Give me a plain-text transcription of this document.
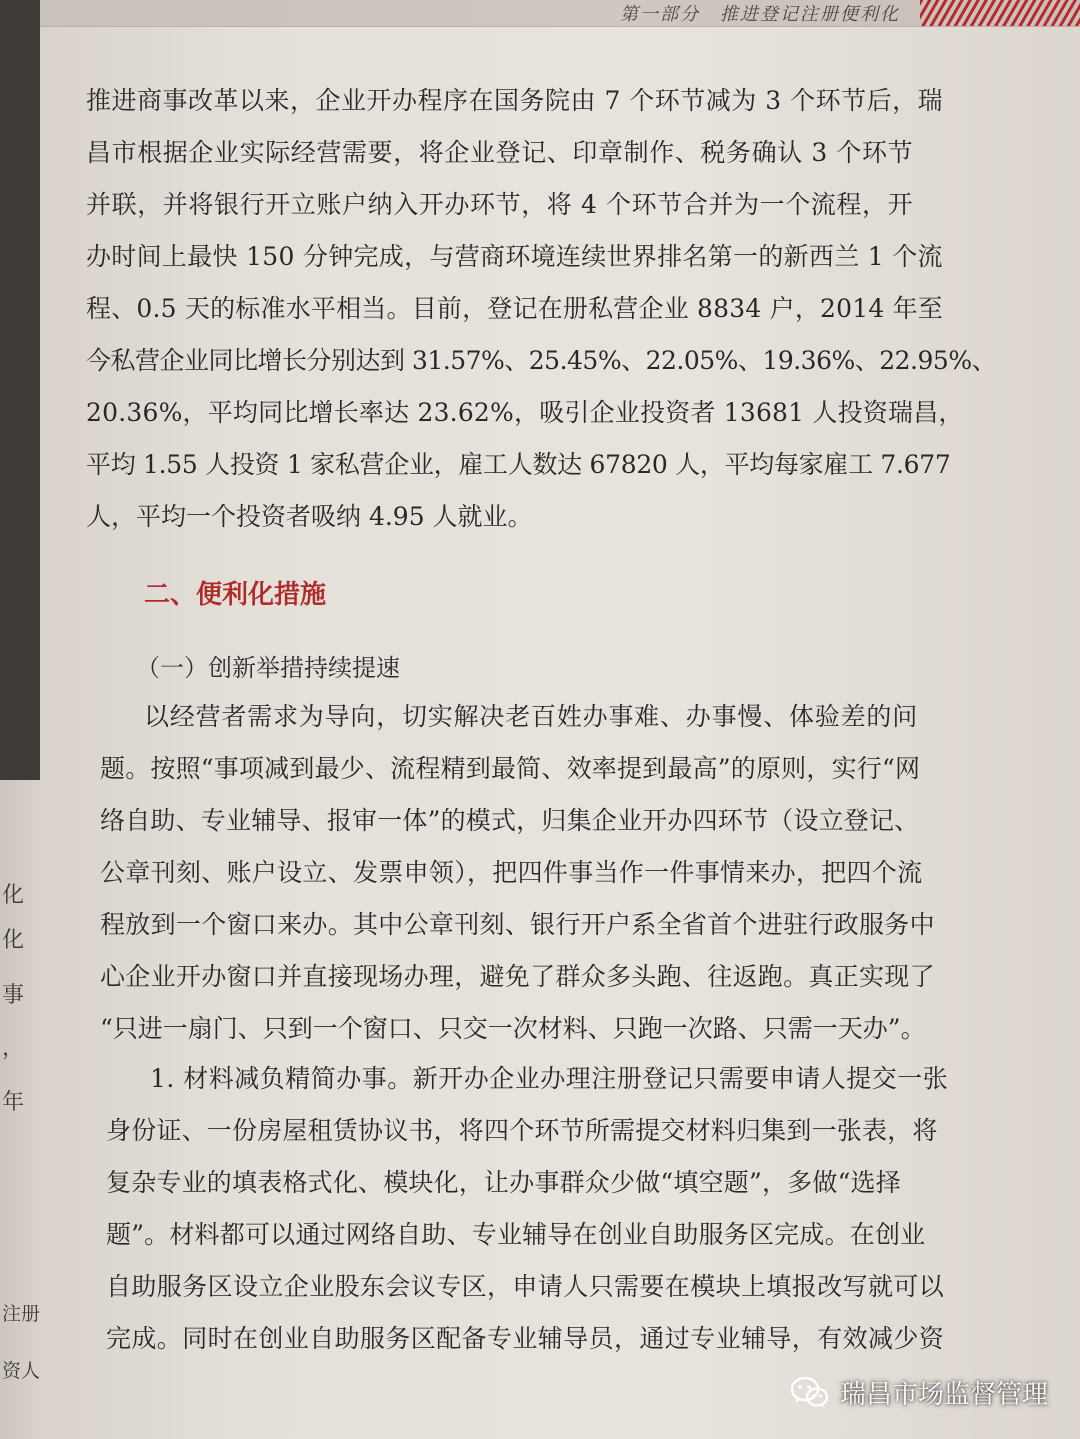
第一部分　推进登记注册便利化
推进商事改革以来，企业开办程序在国务院由 7 个环节减为 3 个环节后，瑞
昌市根据企业实际经营需要，将企业登记、印章制作、税务确认 3 个环节
并联，并将银行开立账户纳入开办环节，将 4 个环节合并为一个流程，开
办时间上最快 150 分钟完成，与营商环境连续世界排名第一的新西兰 1 个流
程、0.5 天的标准水平相当。目前，登记在册私营企业 8834 户，2014 年至
今私营企业同比增长分别达到 31.57%、25.45%、22.05%、19.36%、22.95%、
20.36%，平均同比增长率达 23.62%，吸引企业投资者 13681 人投资瑞昌，
平均 1.55 人投资 1 家私营企业，雇工人数达 67820 人，平均每家雇工 7.677
人，平均一个投资者吸纳 4.95 人就业。
二、便利化措施
（一）创新举措持续提速
以经营者需求为导向，切实解决老百姓办事难、办事慢、体验差的问
题。按照“事项减到最少、流程精到最简、效率提到最高”的原则，实行“网
络自助、专业辅导、报审一体”的模式，归集企业开办四环节（设立登记、
公章刊刻、账户设立、发票申领），把四件事当作一件事情来办，把四个流
程放到一个窗口来办。其中公章刊刻、银行开户系全省首个进驻行政服务中
心企业开办窗口并直接现场办理，避免了群众多头跑、往返跑。真正实现了
“只进一扇门、只到一个窗口、只交一次材料、只跑一次路、只需一天办”。
1. 材料减负精简办事。新开办企业办理注册登记只需要申请人提交一张
身份证、一份房屋租赁协议书，将四个环节所需提交材料归集到一张表，将
复杂专业的填表格式化、模块化，让办事群众少做“填空题”，多做“选择
题”。材料都可以通过网络自助、专业辅导在创业自助服务区完成。在创业
自助服务区设立企业股东会议专区，申请人只需要在模块上填报改写就可以
完成。同时在创业自助服务区配备专业辅导员，通过专业辅导，有效减少资
化
化
事
，
年
注册
资人
瑞昌市场监督管理
